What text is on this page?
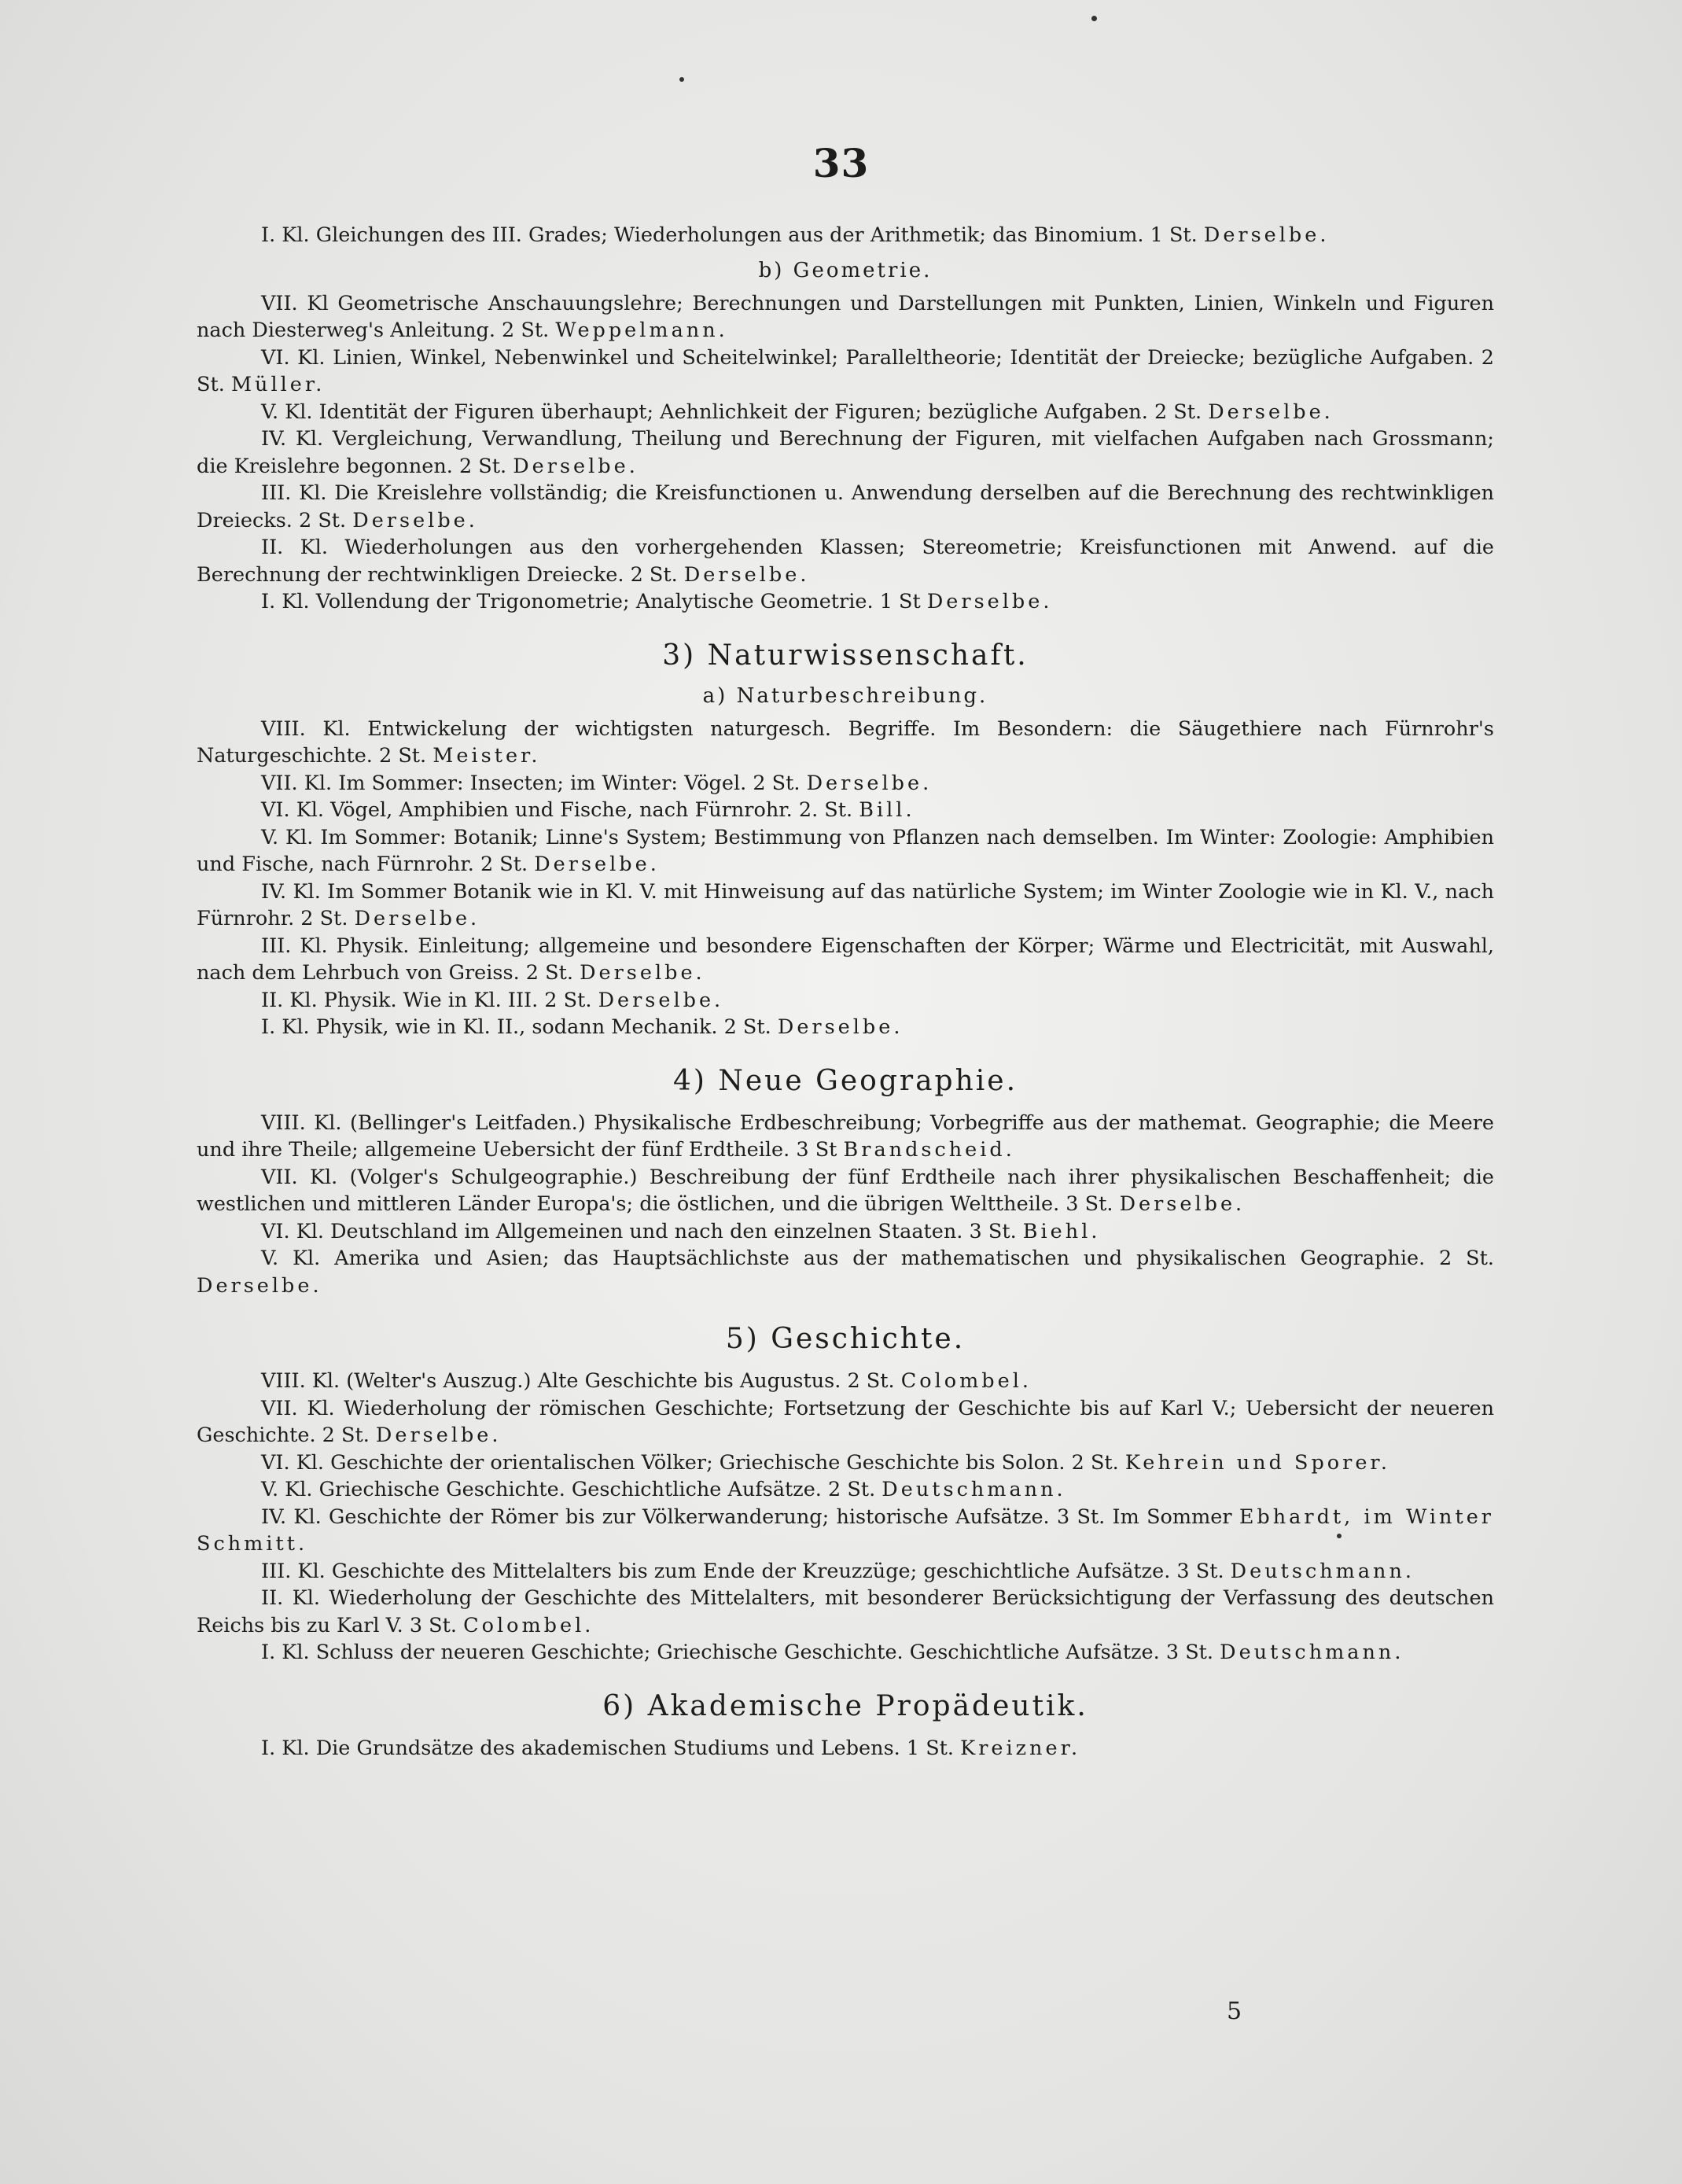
33

I. Kl. Gleichungen des III. Grades; Wiederholungen aus der Arithmetik; das Binomium. 1 St. Derselbe.

b) Geometrie.

VII. Kl Geometrische Anschauungslehre; Berechnungen und Darstellungen mit Punkten, Linien, Winkeln und Figuren nach Diesterweg's Anleitung. 2 St. Weppelmann.

VI. Kl. Linien, Winkel, Nebenwinkel und Scheitelwinkel; Paralleltheorie; Identität der Dreiecke; bezügliche Aufgaben. 2 St. Müller.

V. Kl. Identität der Figuren überhaupt; Aehnlichkeit der Figuren; bezügliche Aufgaben. 2 St. Derselbe.

IV. Kl. Vergleichung, Verwandlung, Theilung und Berechnung der Figuren, mit vielfachen Aufgaben nach Grossmann; die Kreislehre begonnen. 2 St. Derselbe.

III. Kl. Die Kreislehre vollständig; die Kreisfunctionen u. Anwendung derselben auf die Berechnung des rechtwinkligen Dreiecks. 2 St. Derselbe.

II. Kl. Wiederholungen aus den vorhergehenden Klassen; Stereometrie; Kreisfunctionen mit Anwend. auf die Berechnung der rechtwinkligen Dreiecke. 2 St. Derselbe.

I. Kl. Vollendung der Trigonometrie; Analytische Geometrie. 1 St Derselbe.

3) Naturwissenschaft.
a) Naturbeschreibung.

VIII. Kl. Entwickelung der wichtigsten naturgesch. Begriffe. Im Besondern: die Säugethiere nach Fürnrohr's Naturgeschichte. 2 St. Meister.

VII. Kl. Im Sommer: Insecten; im Winter: Vögel. 2 St. Derselbe.

VI. Kl. Vögel, Amphibien und Fische, nach Fürnrohr. 2. St. Bill.

V. Kl. Im Sommer: Botanik; Linne's System; Bestimmung von Pflanzen nach demselben. Im Winter: Zoologie: Amphibien und Fische, nach Fürnrohr. 2 St. Derselbe.

IV. Kl. Im Sommer Botanik wie in Kl. V. mit Hinweisung auf das natürliche System; im Winter Zoologie wie in Kl. V., nach Fürnrohr. 2 St. Derselbe.

III. Kl. Physik. Einleitung; allgemeine und besondere Eigenschaften der Körper; Wärme und Electricität, mit Auswahl, nach dem Lehrbuch von Greiss. 2 St. Derselbe.

II. Kl. Physik. Wie in Kl. III. 2 St. Derselbe.

I. Kl. Physik, wie in Kl. II., sodann Mechanik. 2 St. Derselbe.

4) Neue Geographie.

VIII. Kl. (Bellinger's Leitfaden.) Physikalische Erdbeschreibung; Vorbegriffe aus der mathemat. Geographie; die Meere und ihre Theile; allgemeine Uebersicht der fünf Erdtheile. 3 St Brandscheid.

VII. Kl. (Volger's Schulgeographie.) Beschreibung der fünf Erdtheile nach ihrer physikalischen Beschaffenheit; die westlichen und mittleren Länder Europa's; die östlichen, und die übrigen Welttheile. 3 St. Derselbe.

VI. Kl. Deutschland im Allgemeinen und nach den einzelnen Staaten. 3 St. Biehl.

V. Kl. Amerika und Asien; das Hauptsächlichste aus der mathematischen und physikalischen Geographie. 2 St. Derselbe.

5) Geschichte.

VIII. Kl. (Welter's Auszug.) Alte Geschichte bis Augustus. 2 St. Colombel.

VII. Kl. Wiederholung der römischen Geschichte; Fortsetzung der Geschichte bis auf Karl V.; Uebersicht der neueren Geschichte. 2 St. Derselbe.

VI. Kl. Geschichte der orientalischen Völker; Griechische Geschichte bis Solon. 2 St. Kehrein und Sporer.

V. Kl. Griechische Geschichte. Geschichtliche Aufsätze. 2 St. Deutschmann.

IV. Kl. Geschichte der Römer bis zur Völkerwanderung; historische Aufsätze. 3 St. Im Sommer Ebhardt, im Winter Schmitt.

III. Kl. Geschichte des Mittelalters bis zum Ende der Kreuzzüge; geschichtliche Aufsätze. 3 St. Deutschmann.

II. Kl. Wiederholung der Geschichte des Mittelalters, mit besonderer Berücksichtigung der Verfassung des deutschen Reichs bis zu Karl V. 3 St. Colombel.

I. Kl. Schluss der neueren Geschichte; Griechische Geschichte. Geschichtliche Aufsätze. 3 St. Deutschmann.

6) Akademische Propädeutik.

I. Kl. Die Grundsätze des akademischen Studiums und Lebens. 1 St. Kreizner.

5
